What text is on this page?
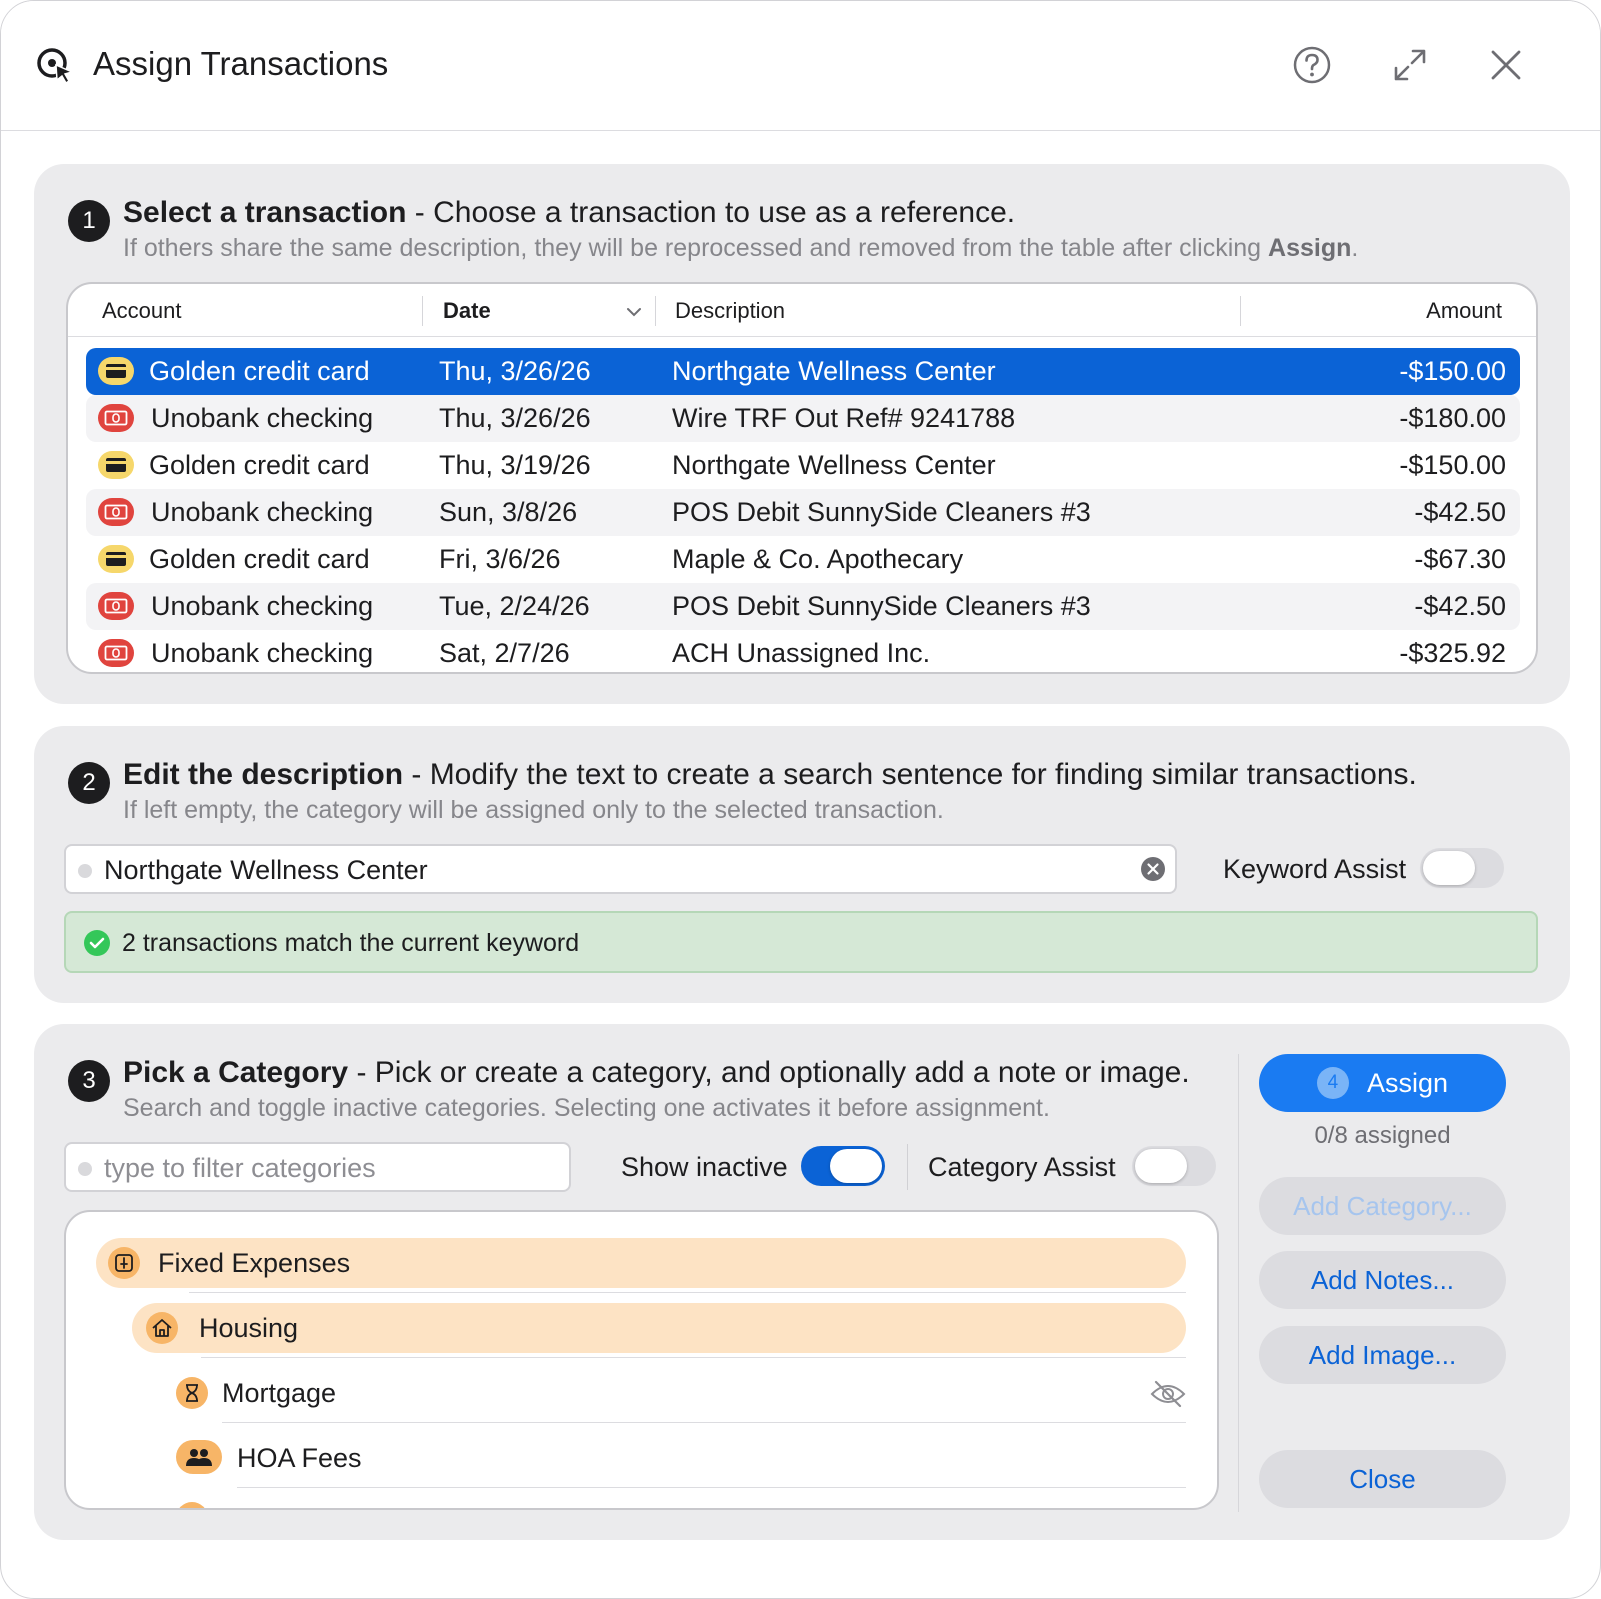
Assign Transactions
1 Select a transaction - Choose a transaction to use as a reference.
If others share the same description, they will be reprocessed and removed from the table after clicking Assign.
Account	Date	Description	Amount
Golden credit card	Thu, 3/26/26	Northgate Wellness Center	-$150.00
Unobank checking Thu, 3/26/26	Wire TRF Out Ref# 9241788	-$180.00
Golden credit card	Thu, 3/19/26	Northgate Wellness Center	-$150.00
Unobank checking Sun, 3/8/26	POS Debit SunnySide Cleaners #3	-$42.50
Golden credit card	Fri, 3/6/26	Maple & Co. Apothecary	-$67.30
Unobank checking Tue, 2/24/26	POS Debit SunnySide Cleaners #3	-$42.50
Unobank checking Sat, 2/7/26	ACH Unassigned Inc.	-$325.92
2 Edit the description - Modify the text to create a search sentence for finding similar transactions.
If left empty, the category will be assigned only to the selected transaction.
Northgate Wellness Center	Keyword Assist
2 transactions match the current keyword
3 Pick a Category - Pick or create a category, and optionally add a note or image.
Search and toggle inactive categories. Selecting one activates it before assignment.
type to filter categories	Show inactive	Category Assist
Fixed Expenses
Housing
Mortgage
HOA Fees
4	Assign
0/8 assigned
Add Category...
Add Notes...
Add Image...
Close
